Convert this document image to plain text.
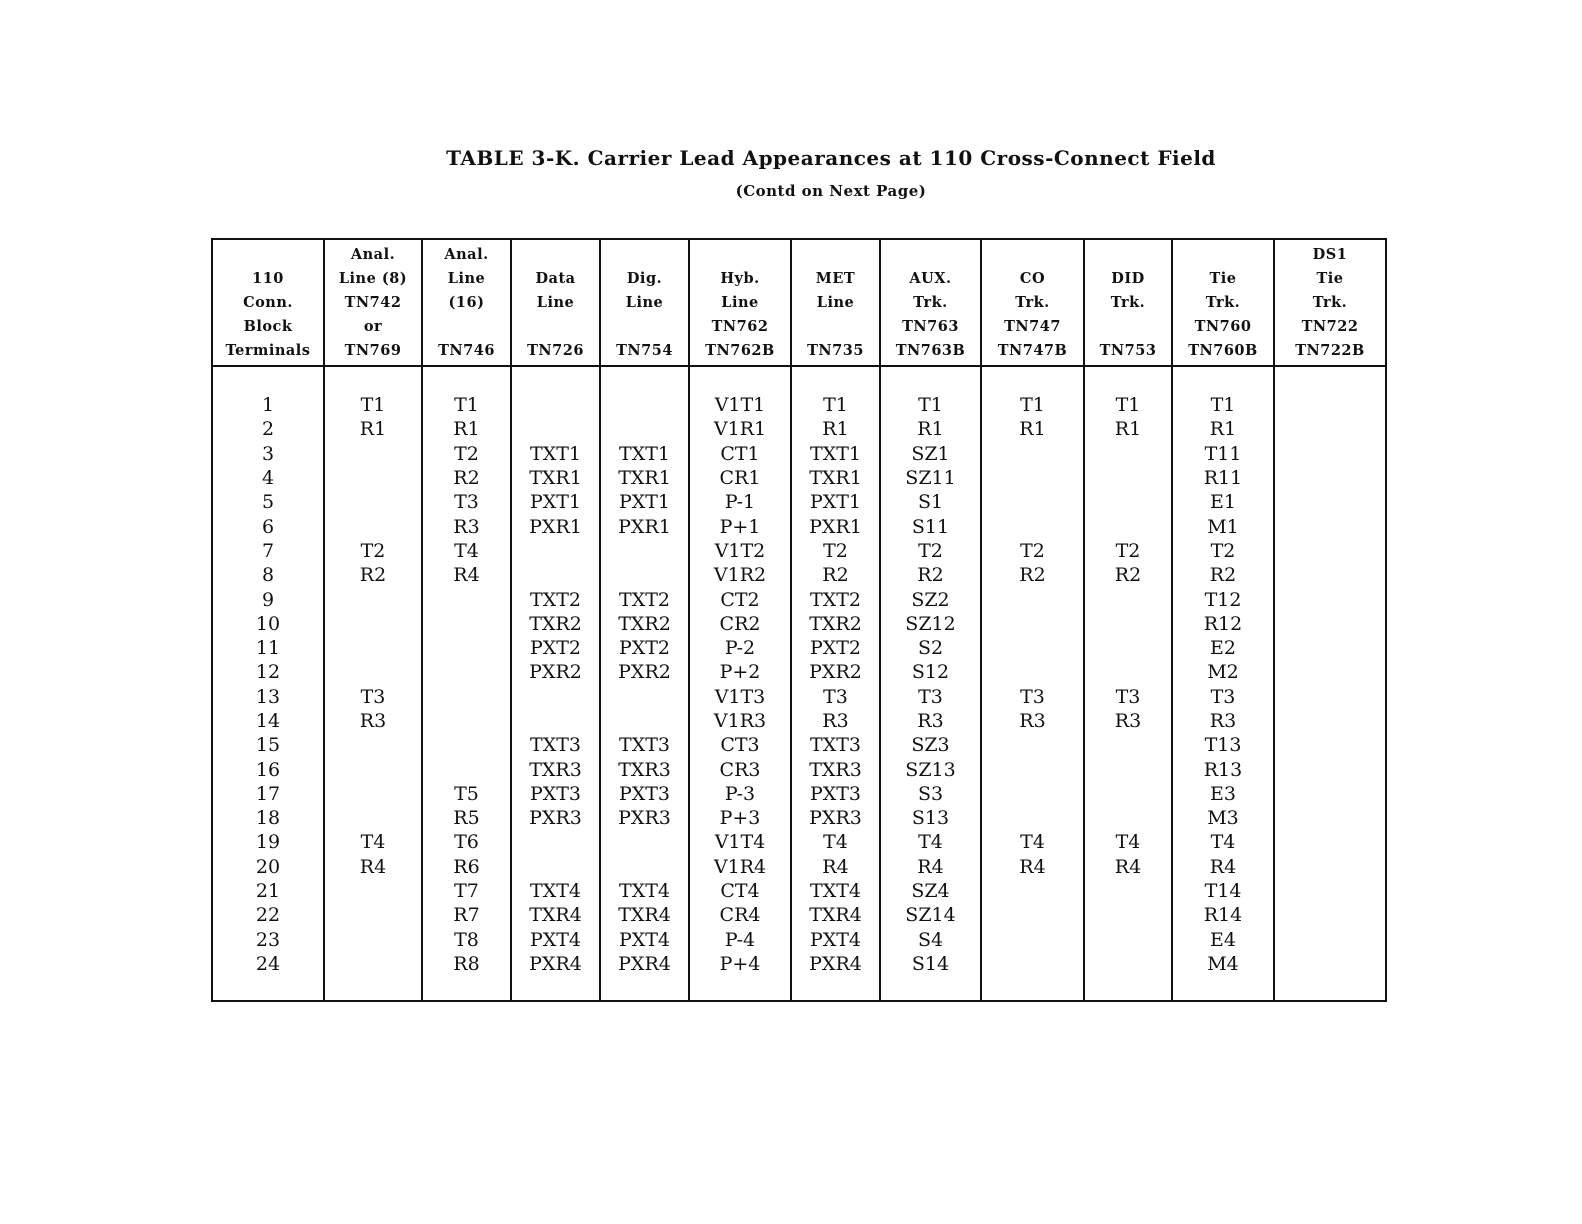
TABLE 3-K. Carrier Lead Appearances at 110 Cross-Connect Field
(Contd on Next Page)
110
Conn.
Block
Terminals	Anal.
Line (8)
TN742
or
TN769	Anal.
Line
(16)

TN746	Data
Line

TN726	Dig.
Line

TN754	Hyb.
Line
TN762
TN762B	MET
Line

TN735	AUX.
Trk.
TN763
TN763B	CO
Trk.
TN747
TN747B	DID
Trk.

TN753	Tie
Trk.
TN760
TN760B	DS1
Tie
Trk.
TN722
TN722B

1	T1	T1			V1T1	T1	T1	T1	T1	T1	
2	R1	R1			V1R1	R1	R1	R1	R1	R1	
3		T2	TXT1	TXT1	CT1	TXT1	SZ1			T11	
4		R2	TXR1	TXR1	CR1	TXR1	SZ11			R11	
5		T3	PXT1	PXT1	P-1	PXT1	S1			E1	
6		R3	PXR1	PXR1	P+1	PXR1	S11			M1	
7	T2	T4			V1T2	T2	T2	T2	T2	T2	
8	R2	R4			V1R2	R2	R2	R2	R2	R2	
9			TXT2	TXT2	CT2	TXT2	SZ2			T12	
10			TXR2	TXR2	CR2	TXR2	SZ12			R12	
11			PXT2	PXT2	P-2	PXT2	S2			E2	
12			PXR2	PXR2	P+2	PXR2	S12			M2	
13	T3				V1T3	T3	T3	T3	T3	T3	
14	R3				V1R3	R3	R3	R3	R3	R3	
15			TXT3	TXT3	CT3	TXT3	SZ3			T13	
16			TXR3	TXR3	CR3	TXR3	SZ13			R13	
17		T5	PXT3	PXT3	P-3	PXT3	S3			E3	
18		R5	PXR3	PXR3	P+3	PXR3	S13			M3	
19	T4	T6			V1T4	T4	T4	T4	T4	T4	
20	R4	R6			V1R4	R4	R4	R4	R4	R4	
21		T7	TXT4	TXT4	CT4	TXT4	SZ4			T14	
22		R7	TXR4	TXR4	CR4	TXR4	SZ14			R14	
23		T8	PXT4	PXT4	P-4	PXT4	S4			E4	
24		R8	PXR4	PXR4	P+4	PXR4	S14			M4	
